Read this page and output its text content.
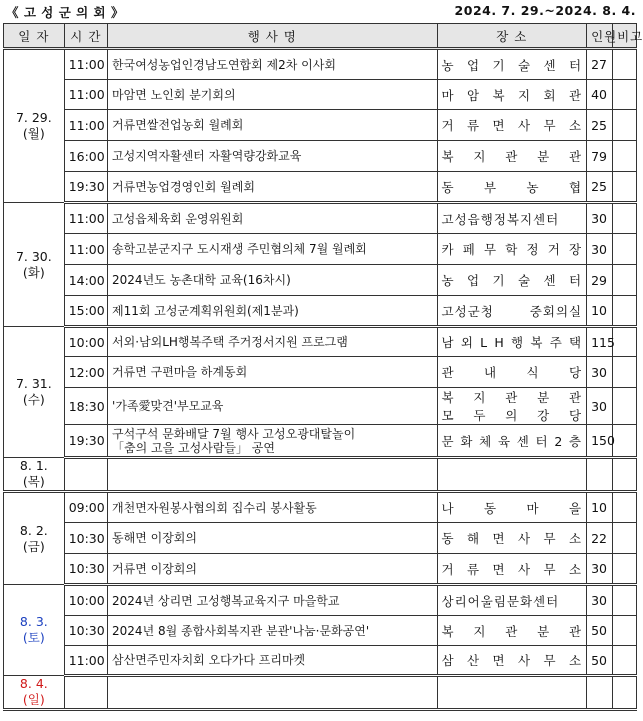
《 고 성 군 의 회 》	2024. 7. 29.~2024. 8. 4.
일 자	시 간	행 사 명	장 소	인원	비고

7. 29.
(월)	11:00	한국여성농업인경남도연합회 제2차 이사회	농 업 기 술 센 터	27	
	11:00	마암면 노인회 분기회의	마 암 복 지 회 관	40	
	11:00	거류면쌀전업농회 월례회	거 류 면 사 무 소	25	
	16:00	고성지역자활센터 자활역량강화교육	복 지 관 분 관	79	
	19:30	거류면농업경영인회 월례회	동 부 농 협	25	

7. 30.
(화)	11:00	고성읍체육회 운영위원회	고성읍행정복지센터	30	
	11:00	송학고분군지구 도시재생 주민협의체 7월 월례회	카 페 무 학 정 거 장	30	
	14:00	2024년도 농촌대학 교육(16차시)	농 업 기 술 센 터	29	
	15:00	제11회 고성군계획위원회(제1분과)	고성군청 중회의실	10	

7. 31.
(수)	10:00	서외·남외LH행복주택 주거정서지원 프로그램	남 외 L H 행 복 주 택	115	
	12:00	거류면 구편마을 하계동회	관 내 식 당	30	
	18:30	'가족愛맞견'부모교육	복 지 관 분 관
모 두 의 강 당	30	
	19:30	구석구석 문화배달 7월 행사 고성오광대탈놀이
「춤의 고을 고성사람들」 공연	문 화 체 육 센 터 2 층	150	

8. 1.
(목)					

8. 2.
(금)	09:00	개천면자원봉사협의회 집수리 봉사활동	나 동 마 을	10	
	10:30	동해면 이장회의	동 해 면 사 무 소	22	
	10:30	거류면 이장회의	거 류 면 사 무 소	30	

8. 3.
(토)	10:00	2024년 상리면 고성행복교육지구 마을학교	상리어울림문화센터	30	
	10:30	2024년 8월 종합사회복지관 분관'나눔·문화공연'	복 지 관 분 관	50	
	11:00	삼산면주민자치회 오다가다 프리마켓	삼 산 면 사 무 소	50	

8. 4.
(일)					
